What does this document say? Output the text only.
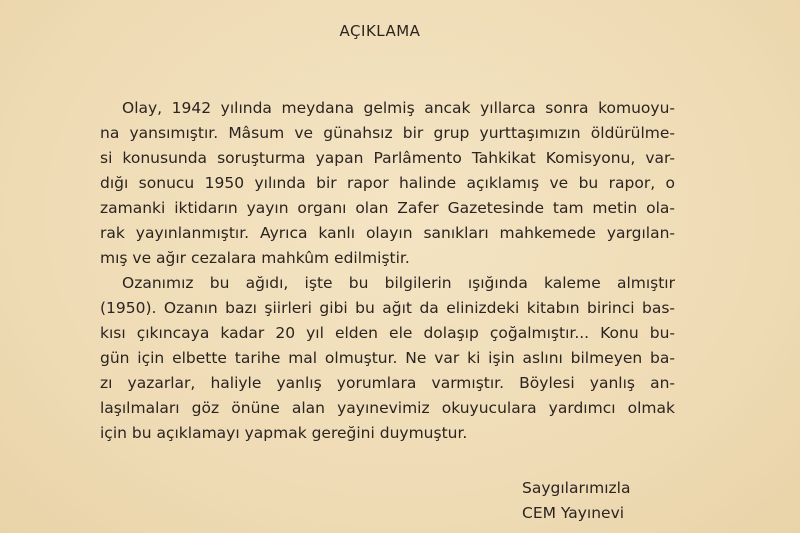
AÇIKLAMA
Olay, 1942 yılında meydana gelmiş ancak yıllarca sonra komuoyu-
na yansımıştır. Mâsum ve günahsız bir grup yurttaşımızın öldürülme-
si konusunda soruşturma yapan Parlâmento Tahkikat Komisyonu, var-
dığı sonucu 1950 yılında bir rapor halinde açıklamış ve bu rapor, o
zamanki iktidarın yayın organı olan Zafer Gazetesinde tam metin ola-
rak yayınlanmıştır. Ayrıca kanlı olayın sanıkları mahkemede yargılan-
mış ve ağır cezalara mahkûm edilmiştir.
Ozanımız bu ağıdı, işte bu bilgilerin ışığında kaleme almıştır
(1950). Ozanın bazı şiirleri gibi bu ağıt da elinizdeki kitabın birinci bas-
kısı çıkıncaya kadar 20 yıl elden ele dolaşıp çoğalmıştır... Konu bu-
gün için elbette tarihe mal olmuştur. Ne var ki işin aslını bilmeyen ba-
zı yazarlar, haliyle yanlış yorumlara varmıştır. Böylesi yanlış an-
laşılmaları göz önüne alan yayınevimiz okuyuculara yardımcı olmak
için bu açıklamayı yapmak gereğini duymuştur.
Saygılarımızla
CEM Yayınevi
